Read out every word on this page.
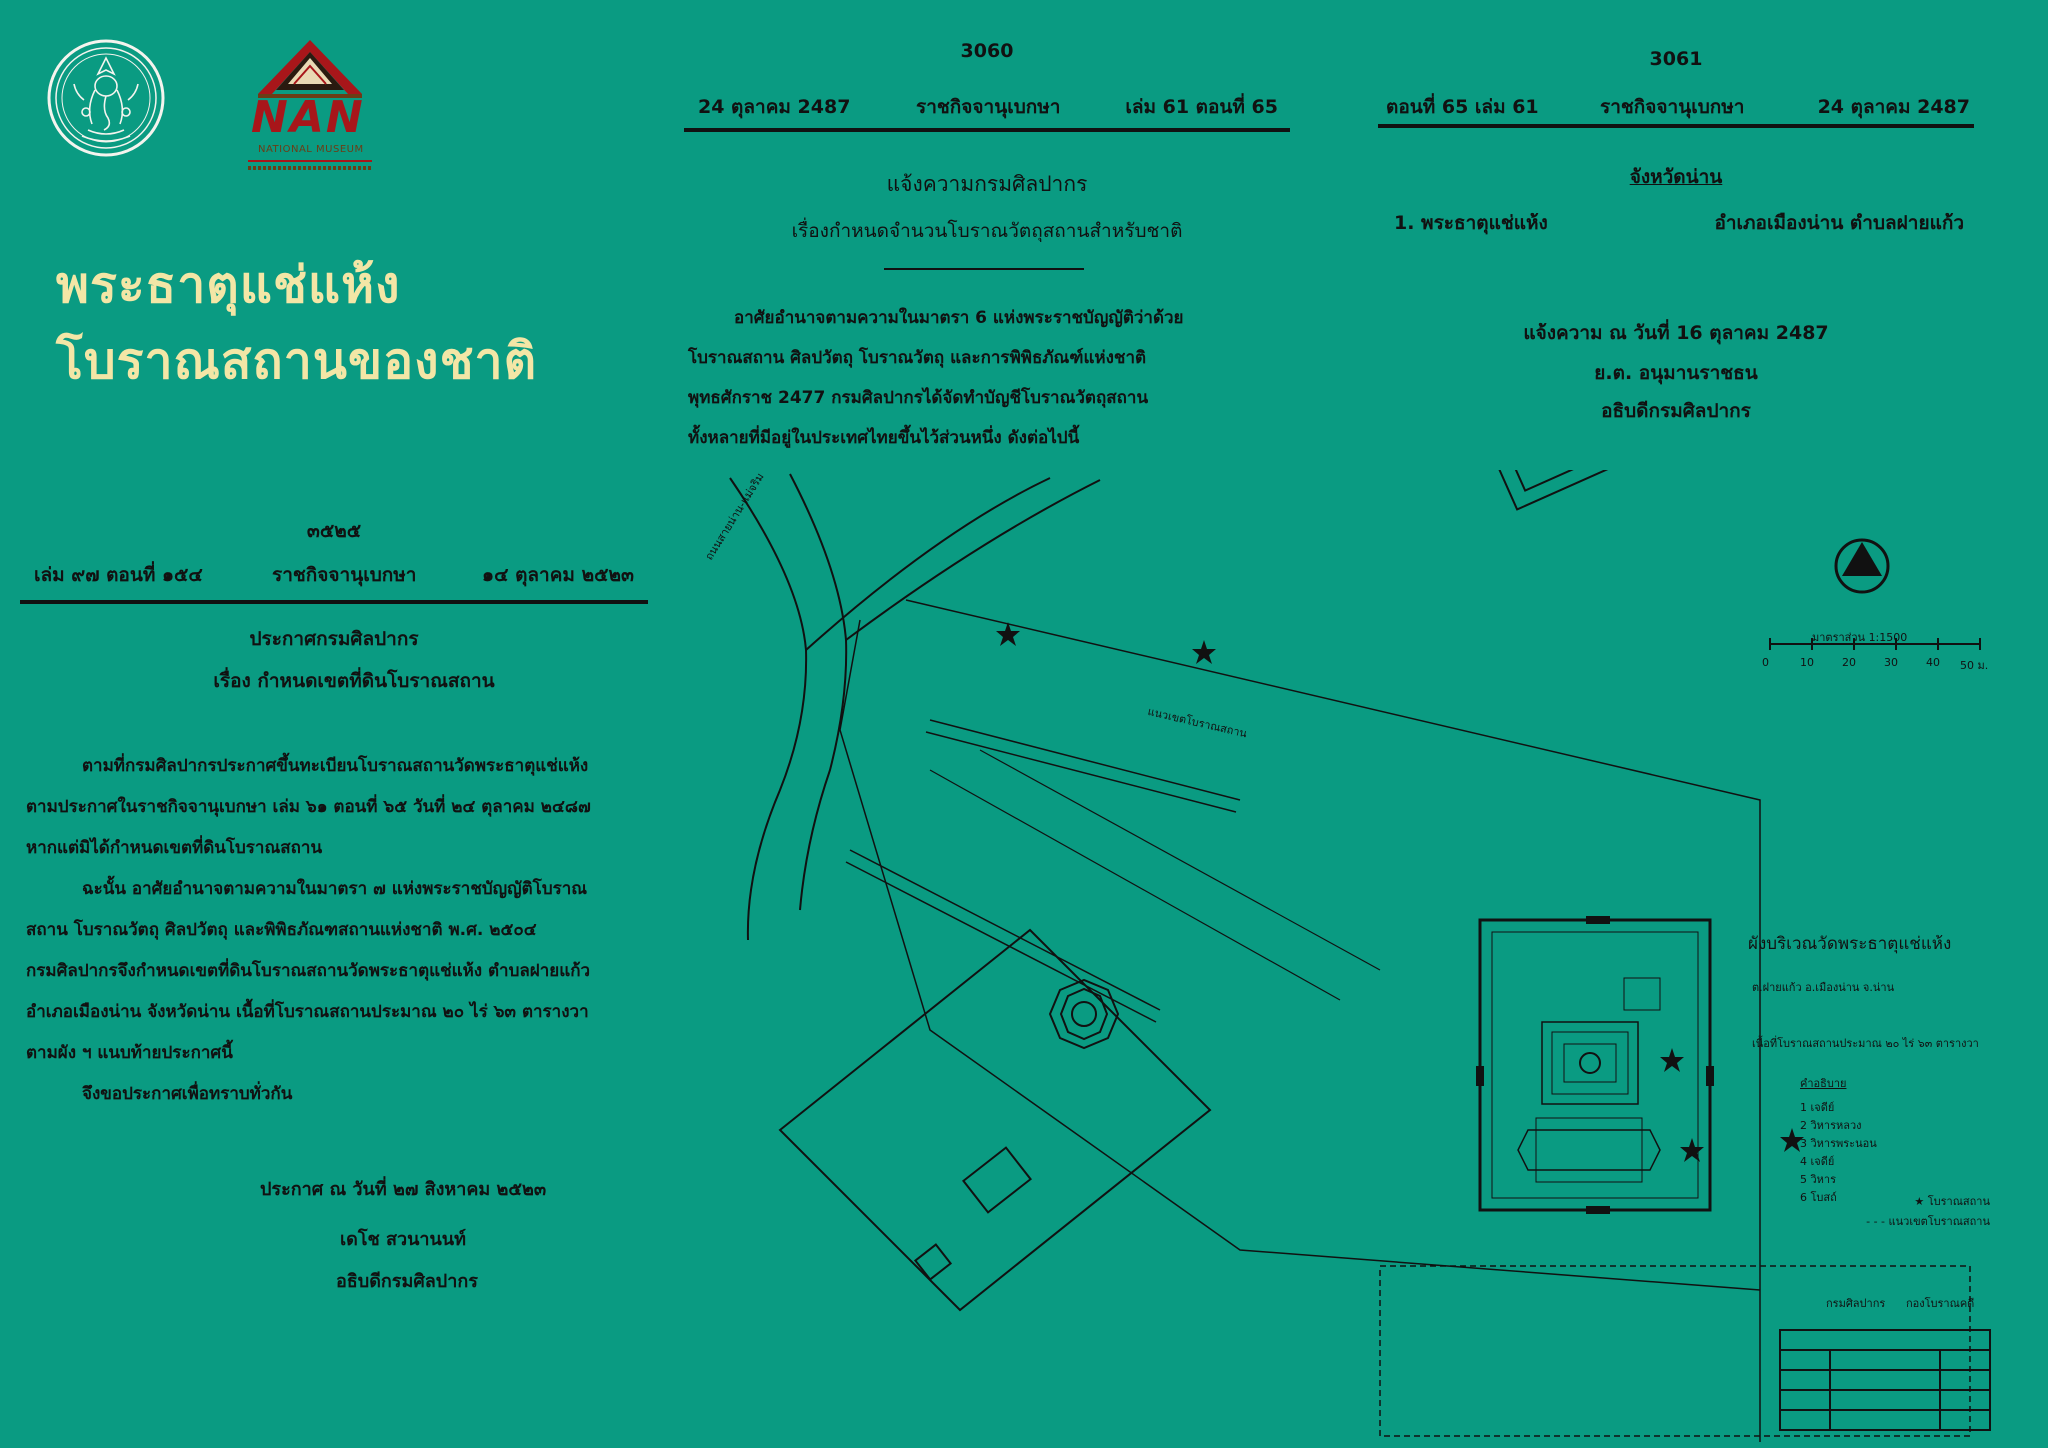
NAN
NATIONAL MUSEUM
พระธาตุแช่แห้ง
โบราณสถานของชาติ
๓๕๒๕
เล่ม ๙๗ ตอนที่ ๑๕๔	ราชกิจจานุเบกษา	๑๔ ตุลาคม ๒๕๒๓
ประกาศกรมศิลปากร
เรื่อง กำหนดเขตที่ดินโบราณสถาน

ตามที่กรมศิลปากรประกาศขึ้นทะเบียนโบราณสถานวัดพระธาตุแช่แห้ง

ตามประกาศในราชกิจจานุเบกษา เล่ม ๖๑ ตอนที่ ๖๕ วันที่ ๒๔ ตุลาคม ๒๔๘๗

หากแต่มิได้กำหนดเขตที่ดินโบราณสถาน

ฉะนั้น อาศัยอำนาจตามความในมาตรา ๗ แห่งพระราชบัญญัติโบราณ

สถาน โบราณวัตถุ ศิลปวัตถุ และพิพิธภัณฑสถานแห่งชาติ พ.ศ. ๒๕๐๔

กรมศิลปากรจึงกำหนดเขตที่ดินโบราณสถานวัดพระธาตุแช่แห้ง ตำบลฝายแก้ว

อำเภอเมืองน่าน จังหวัดน่าน เนื้อที่โบราณสถานประมาณ ๒๐ ไร่ ๖๓ ตารางวา

ตามผัง ฯ แนบท้ายประกาศนี้

จึงขอประกาศเพื่อทราบทั่วกัน

ประกาศ ณ วันที่ ๒๗ สิงหาคม ๒๕๒๓
เดโช สวนานนท์
อธิบดีกรมศิลปากร
3060
24 ตุลาคม 2487	ราชกิจจานุเบกษา	เล่ม 61 ตอนที่ 65
แจ้งความกรมศิลปากร
เรื่องกำหนดจำนวนโบราณวัตถุสถานสำหรับชาติ

อาศัยอำนาจตามความในมาตรา 6 แห่งพระราชบัญญัติว่าด้วย

โบราณสถาน ศิลปวัตถุ โบราณวัตถุ และการพิพิธภัณฑ์แห่งชาติ

พุทธศักราช 2477 กรมศิลปากรได้จัดทำบัญชีโบราณวัตถุสถาน

ทั้งหลายที่มีอยู่ในประเทศไทยขึ้นไว้ส่วนหนึ่ง ดังต่อไปนี้

3061
ตอนที่ 65 เล่ม 61	ราชกิจจานุเบกษา	24 ตุลาคม 2487
จังหวัดน่าน
1. พระธาตุแช่แห้ง	อำเภอเมืองน่าน ตำบลฝายแก้ว
แจ้งความ ณ วันที่ 16 ตุลาคม 2487
ย.ต. อนุมานราชธน
อธิบดีกรมศิลปากร
ถนนสายน่าน-แม่จริม
แนวเขตโบราณสถาน
มาตราส่วน 1:1500
0	10	20	30	40 50 ม.
ผังบริเวณวัดพระธาตุแช่แห้ง
ต.ฝายแก้ว อ.เมืองน่าน จ.น่าน
เนื้อที่โบราณสถานประมาณ ๒๐ ไร่ ๖๓ ตารางวา
คำอธิบาย
1 เจดีย์
2 วิหารหลวง
3 วิหารพระนอน
4 เจดีย์
5 วิหาร
6 โบสถ์	★ โบราณสถาน
- - - แนวเขตโบราณสถาน
กรมศิลปากร กองโบราณคดี
